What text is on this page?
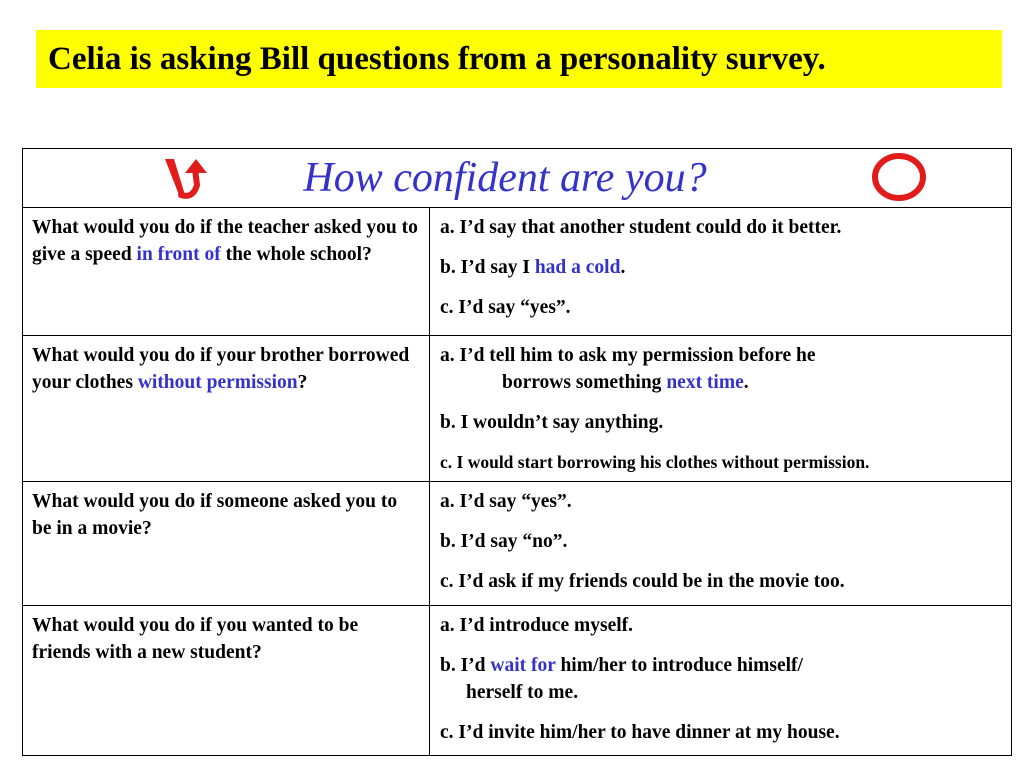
Celia is asking Bill questions from a personality survey.
How confident are you?	

What would you do if the teacher asked you to give a speed in front of the whole school?	a. I’d say that another student could do it better.
b. I’d say I had a cold.
c. I’d say “yes”.

What would you do if your brother borrowed your clothes without permission?	a. I’d tell him to ask my permission before he
borrows something next time.
b. I wouldn’t say anything.
c. I would start borrowing his clothes without permission.

What would you do if someone asked you to be in a movie?	a. I’d say “yes”.
b. I’d say “no”.
c. I’d ask if my friends could be in the movie too.

What would you do if you wanted to be friends with a new student?	a. I’d introduce myself.
b. I’d wait for him/her to introduce himself/
herself to me.
c. I’d invite him/her to have dinner at my house.
